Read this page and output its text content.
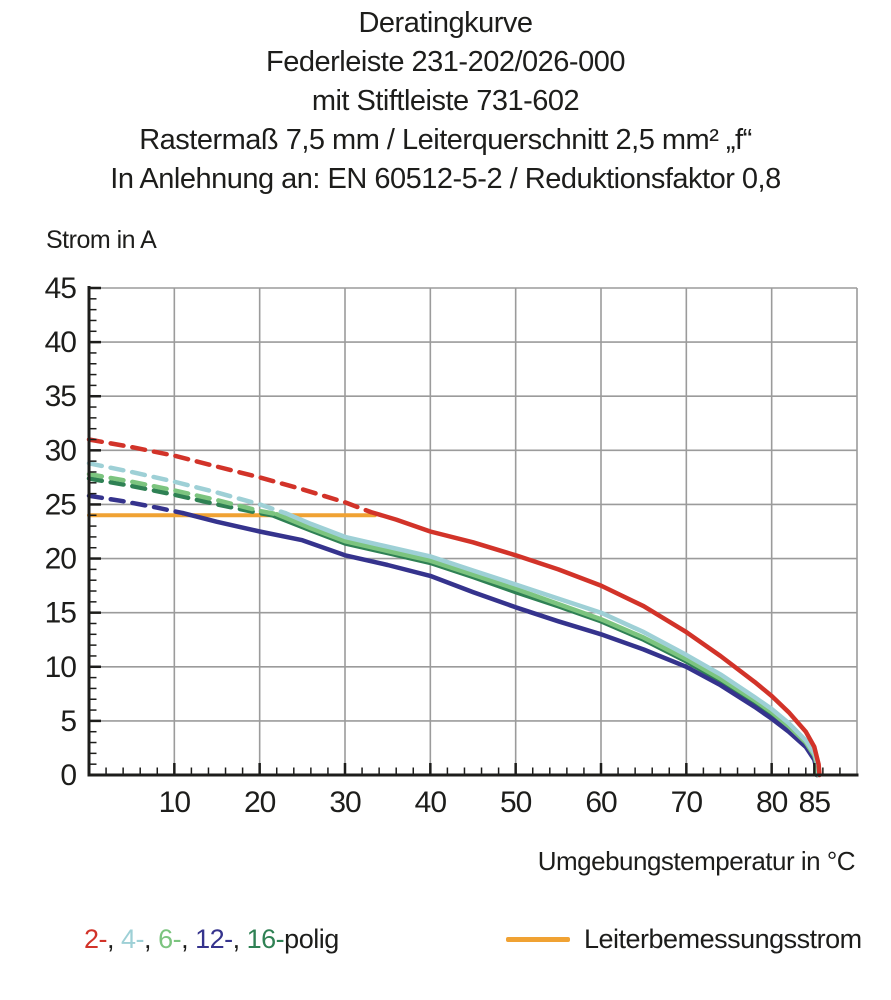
Deratingkurve
Federleiste 231-202/026-000
mit Stiftleiste 731-602
Rastermaß 7,5 mm / Leiterquerschnitt 2,5 mm² „f“
In Anlehnung an: EN 60512-5-2 / Reduktionsfaktor 0,8
Strom in A
0
5
10
15
20
25
30
35
40
45
10 20 30 40 50 60 70 80 85
Umgebungstemperatur in °C
2-, 4-, 6-, 12-, 16-polig	Leiterbemessungsstrom
